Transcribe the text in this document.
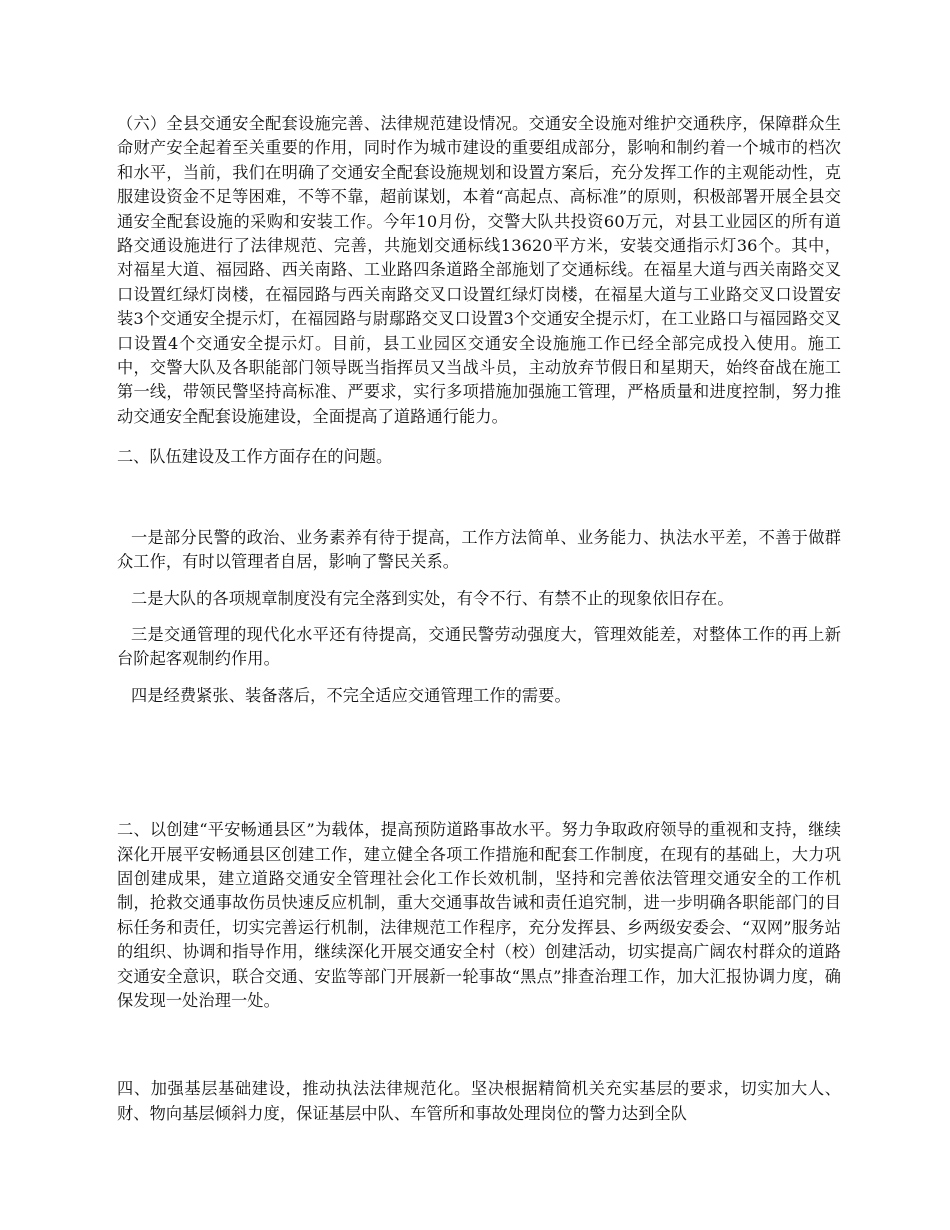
（六）全县交通安全配套设施完善、法律规范建设情况。交通安全设施对维护交通秩序，保障群众生命财产安全起着至关重要的作用，同时作为城市建设的重要组成部分，影响和制约着一个城市的档次和水平，当前，我们在明确了交通安全配套设施规划和设置方案后，充分发挥工作的主观能动性，克服建设资金不足等困难，不等不靠，超前谋划，本着“高起点、高标准”的原则，积极部署开展全县交通安全配套设施的采购和安装工作。今年10月份，交警大队共投资60万元，对县工业园区的所有道路交通设施进行了法律规范、完善，共施划交通标线13620平方米，安装交通指示灯36个。其中，对福星大道、福园路、西关南路、工业路四条道路全部施划了交通标线。在福星大道与西关南路交叉口设置红绿灯岗楼，在福园路与西关南路交叉口设置红绿灯岗楼，在福星大道与工业路交叉口设置安装3个交通安全提示灯，在福园路与尉鄢路交叉口设置3个交通安全提示灯，在工业路口与福园路交叉口设置4个交通安全提示灯。目前，县工业园区交通安全设施施工作已经全部完成投入使用。施工中，交警大队及各职能部门领导既当指挥员又当战斗员，主动放弃节假日和星期天，始终奋战在施工第一线，带领民警坚持高标准、严要求，实行多项措施加强施工管理，严格质量和进度控制，努力推动交通安全配套设施建设，全面提高了道路通行能力。

二、队伍建设及工作方面存在的问题。

一是部分民警的政治、业务素养有待于提高，工作方法简单、业务能力、执法水平差，不善于做群众工作，有时以管理者自居，影响了警民关系。

二是大队的各项规章制度没有完全落到实处，有令不行、有禁不止的现象依旧存在。

三是交通管理的现代化水平还有待提高，交通民警劳动强度大，管理效能差，对整体工作的再上新台阶起客观制约作用。

四是经费紧张、装备落后，不完全适应交通管理工作的需要。

二、以创建“平安畅通县区”为载体，提高预防道路事故水平。努力争取政府领导的重视和支持，继续深化开展平安畅通县区创建工作，建立健全各项工作措施和配套工作制度，在现有的基础上，大力巩固创建成果，建立道路交通安全管理社会化工作长效机制，坚持和完善依法管理交通安全的工作机制，抢救交通事故伤员快速反应机制，重大交通事故告诫和责任追究制，进一步明确各职能部门的目标任务和责任，切实完善运行机制，法律规范工作程序，充分发挥县、乡两级安委会、“双网”服务站的组织、协调和指导作用，继续深化开展交通安全村（校）创建活动，切实提高广阔农村群众的道路交通安全意识，联合交通、安监等部门开展新一轮事故“黑点”排查治理工作，加大汇报协调力度，确保发现一处治理一处。

四、加强基层基础建设，推动执法法律规范化。坚决根据精简机关充实基层的要求，切实加大人、财、物向基层倾斜力度，保证基层中队、车管所和事故处理岗位的警力达到全队
